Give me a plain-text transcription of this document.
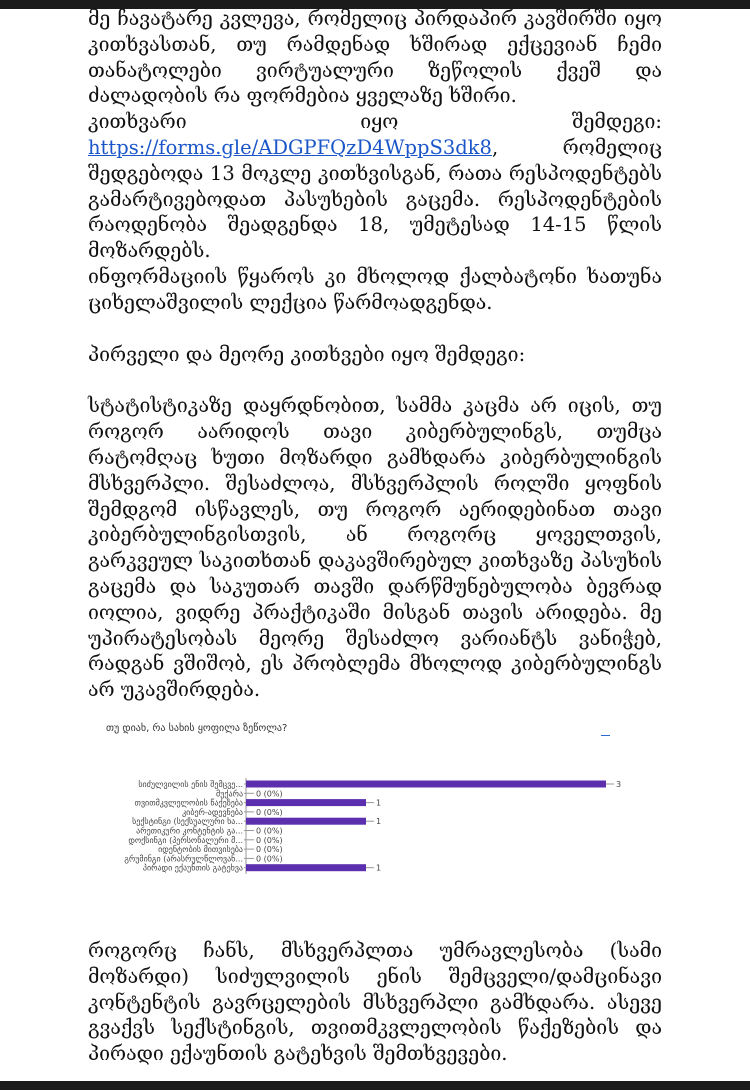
მე ჩავატარე კვლევა, რომელიც პირდაპირ კავშირში იყო კითხვასთან, თუ რამდენად ხშირად ექცევიან ჩემი თანატოლები ვირტუალური ზეწოლის ქვეშ და ძალადობის რა ფორმებია ყველაზე ხშირი.

კითხვარი იყო შემდეგი: https://forms.gle/ADGPFQzD4WppS3dk8, რომელიც შედგებოდა 13 მოკლე კითხვისგან, რათა რესპოდენტებს გამარტივებოდათ პასუხების გაცემა. რესპოდენტების რაოდენობა შეადგენდა 18, უმეტესად 14-15 წლის მოზარდებს.

ინფორმაციის წყაროს კი მხოლოდ ქალბატონი ხათუნა ციხელაშვილის ლექცია წარმოადგენდა.

პირველი და მეორე კითხვები იყო შემდეგი:

სტატისტიკაზე დაყრდნობით, სამმა კაცმა არ იცის, თუ როგორ აარიდოს თავი კიბერბულინგს, თუმცა რატომღაც ხუთი მოზარდი გამხდარა კიბერბულინგის მსხვერპლი. შესაძლოა, მსხვერპლის როლში ყოფნის შემდგომ ისწავლეს, თუ როგორ აერიდებინათ თავი კიბერბულინგისთვის, ან როგორც ყოველთვის, გარკვეულ საკითხთან დაკავშირებულ კითხვაზე პასუხის გაცემა და საკუთარ თავში დარწმუნებულობა ბევრად იოლია, ვიდრე პრაქტიკაში მისგან თავის არიდება. მე უპირატესობას მეორე შესაძლო ვარიანტს ვანიჭებ, რადგან ვშიშობ, ეს პრობლემა მხოლოდ კიბერბულინგს არ უკავშირდება.

თუ დიახ, რა სახის ყოფილა ზეწოლა?
სიძულვილის ენის შემცვე...	3
მუქარა 0 (0%)
თვითმკვლელობის წაქეზება	1
კიბერ-ადევნება 0 (0%)
სექსტინგი (სექსუალური ხა...	1
არეთიკური კონტენტის გა... 0 (0%)
დოქსინგი (პერსონალური მ... 0 (0%)
იდენტობის მითვისება 0 (0%)
გრუმინგი (არასრულწლოვან... 0 (0%)
პირადი ექაუნთის გატეხვა	1

როგორც ჩანს, მსხვერპლთა უმრავლესობა (სამი მოზარდი) სიძულვილის ენის შემცველი/დამცინავი კონტენტის გავრცელების მსხვერპლი გამხდარა. ასევე გვაქვს სექსტინგის, თვითმკვლელობის წაქეზების და პირადი ექაუნთის გატეხვის შემთხვევები.
